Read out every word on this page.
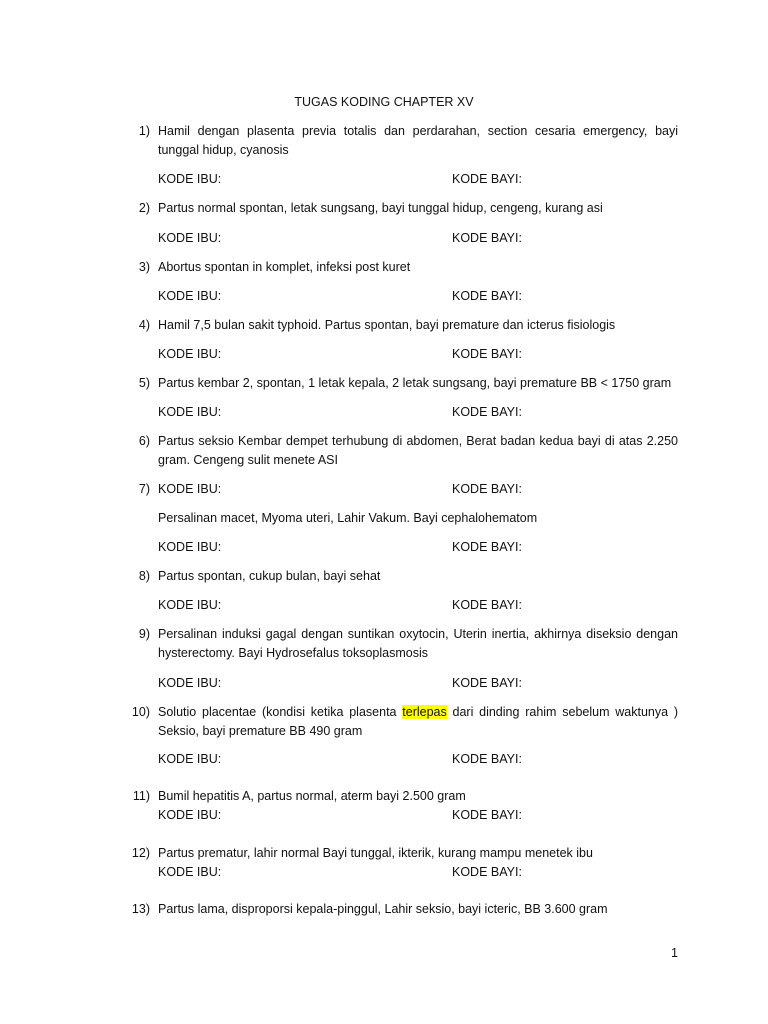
TUGAS KODING CHAPTER XV
1) Hamil dengan plasenta previa totalis dan perdarahan, section cesaria emergency, bayi
tunggal hidup, cyanosis
KODE IBU:	KODE BAYI:
2) Partus normal spontan, letak sungsang, bayi tunggal hidup, cengeng, kurang asi
KODE IBU:	KODE BAYI:
3) Abortus spontan in komplet, infeksi post kuret
KODE IBU:	KODE BAYI:
4) Hamil 7,5 bulan sakit typhoid. Partus spontan, bayi premature dan icterus fisiologis
KODE IBU:	KODE BAYI:
5) Partus kembar 2, spontan, 1 letak kepala, 2 letak sungsang, bayi premature BB < 1750 gram
KODE IBU:	KODE BAYI:
6) Partus seksio Kembar dempet terhubung di abdomen, Berat badan kedua bayi di atas 2.250
gram. Cengeng sulit menete ASI
7) KODE IBU:	KODE BAYI:
Persalinan macet, Myoma uteri, Lahir Vakum. Bayi cephalohematom
KODE IBU:	KODE BAYI:
8) Partus spontan, cukup bulan, bayi sehat
KODE IBU:	KODE BAYI:
9) Persalinan induksi gagal dengan suntikan oxytocin, Uterin inertia, akhirnya diseksio dengan
hysterectomy. Bayi Hydrosefalus toksoplasmosis
KODE IBU:	KODE BAYI:
10) Solutio placentae (kondisi ketika plasenta terlepas dari dinding rahim sebelum waktunya )
Seksio, bayi premature BB 490 gram
KODE IBU:	KODE BAYI:
11) Bumil hepatitis A, partus normal, aterm bayi 2.500 gram
KODE IBU:	KODE BAYI:
12) Partus prematur, lahir normal Bayi tunggal, ikterik, kurang mampu menetek ibu
KODE IBU:	KODE BAYI:
13) Partus lama, disproporsi kepala-pinggul, Lahir seksio, bayi icteric, BB 3.600 gram
1
